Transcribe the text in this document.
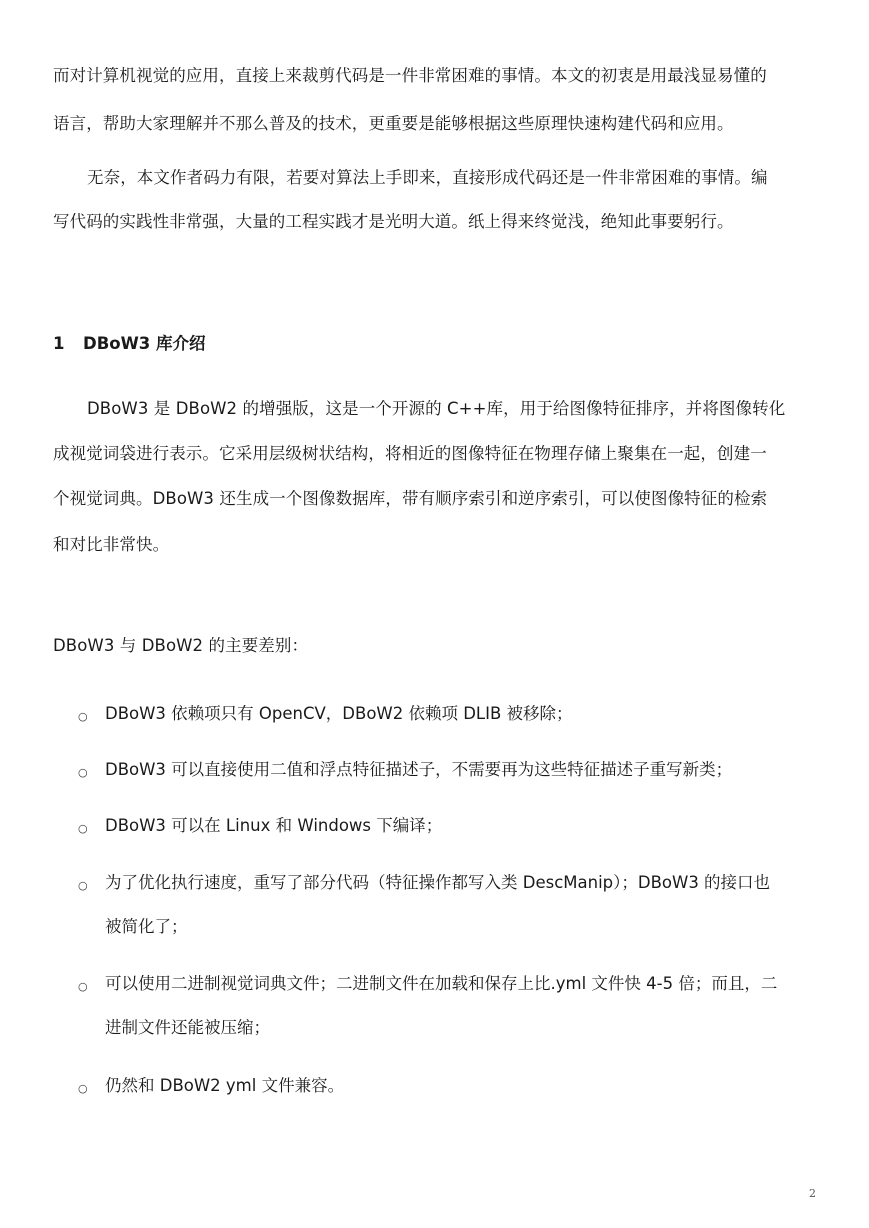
而对计算机视觉的应用，直接上来裁剪代码是一件非常困难的事情。本文的初衷是用最浅显易懂的
语言，帮助大家理解并不那么普及的技术，更重要是能够根据这些原理快速构建代码和应用。
无奈，本文作者码力有限，若要对算法上手即来，直接形成代码还是一件非常困难的事情。编
写代码的实践性非常强，大量的工程实践才是光明大道。纸上得来终觉浅，绝知此事要躬行。
1 DBoW3 库介绍
DBoW3 是 DBoW2 的增强版，这是一个开源的 C++库，用于给图像特征排序，并将图像转化
成视觉词袋进行表示。它采用层级树状结构，将相近的图像特征在物理存储上聚集在一起，创建一
个视觉词典。DBoW3 还生成一个图像数据库，带有顺序索引和逆序索引，可以使图像特征的检索
和对比非常快。
DBoW3 与 DBoW2 的主要差别：
○ DBoW3 依赖项只有 OpenCV，DBoW2 依赖项 DLIB 被移除；
○ DBoW3 可以直接使用二值和浮点特征描述子，不需要再为这些特征描述子重写新类；
○ DBoW3 可以在 Linux 和 Windows 下编译；
○ 为了优化执行速度，重写了部分代码（特征操作都写入类 DescManip）；DBoW3 的接口也
被简化了；
○ 可以使用二进制视觉词典文件；二进制文件在加载和保存上比.yml 文件快 4-5 倍；而且，二
进制文件还能被压缩；
○ 仍然和 DBoW2 yml 文件兼容。
2
